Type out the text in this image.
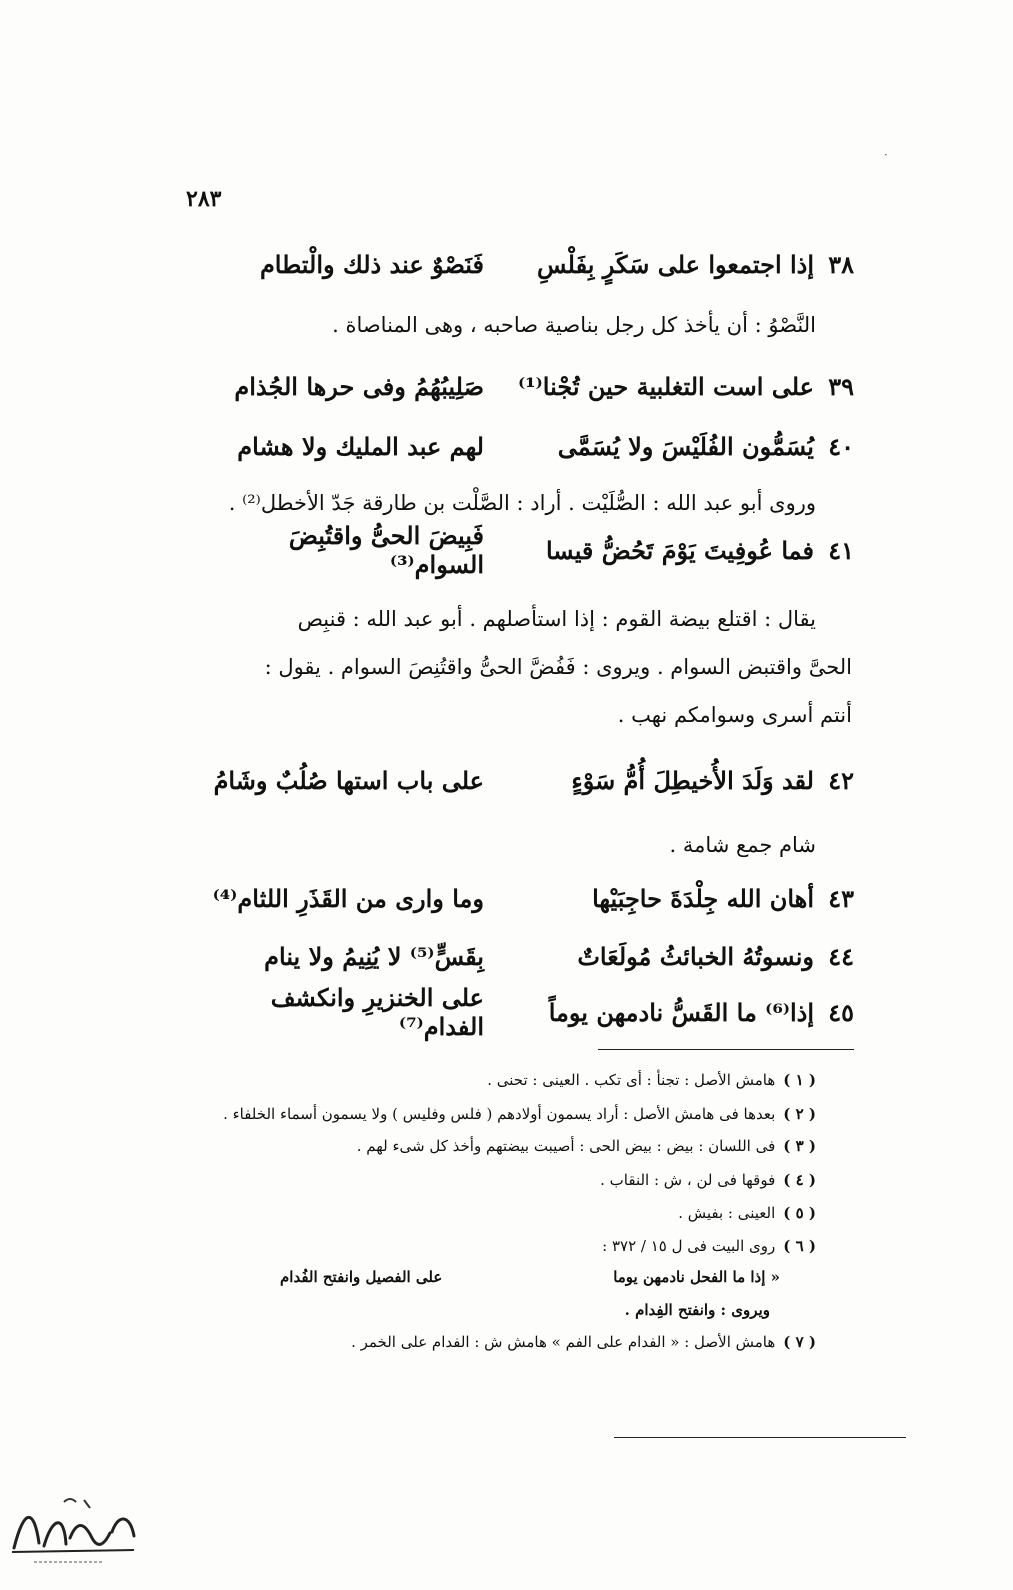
·
٢٨٣
٣٨
إذا اجتمعوا على سَكَرٍ بِفَلْسِ
فَنَصْوٌ عند ذلك والْتطام
النَّصْوُ : أن يأخذ كل رجل بناصية صاحبه ، وهى المناصاة .
٣٩
على است التغلبية حين تُجْنا⁽¹⁾
صَلِيبُهُمُ وفى حرها الجُذام
٤٠
يُسَمُّون الفُلَيْسَ ولا يُسَمَّى
لهم عبد المليك ولا هشام
وروى أبو عبد الله : الصُّلَيْت . أراد : الصَّلْت بن طارقة جَدّ الأخطل⁽²⁾ .
٤١
فما عُوفِيتَ يَوْمَ تَحُضُّ قيسا
فَبِيضَ الحىُّ واقتُبِضَ السوام⁽³⁾
يقال : اقتلع بيضة القوم : إذا استأصلهم . أبو عبد الله : قنبِص
الحىَّ واقتبض السوام . ويروى : فَفُضَّ الحىُّ واقتُنِصَ السوام . يقول :
أنتم أسرى وسوامكم نهب .
٤٢
لقد وَلَدَ الأُخيطِلَ أُمُّ سَوْءٍ
على باب استها صُلُبٌ وشَامُ
شام جمع شامة .
٤٣
أهان الله جِلْدَةَ حاجِبَيْها
وما وارى من القَذَرِ اللثام⁽⁴⁾
٤٤
ونسوتُهُ الخبائثُ مُولَعَاتٌ
بِقَسٍّ⁽⁵⁾ لا يُنِيمُ ولا ينام
٤٥
إذا⁽⁶⁾ ما القَسُّ نادمهن يوماً
على الخنزيرِ وانكشف الفدام⁽⁷⁾
( ١ )هامش الأصل : تجنأ : أى تكب . العينى : تحنى .
( ٢ )بعدها فى هامش الأصل : أراد يسمون أولادهم ( فلس وفليس ) ولا يسمون أسماء الخلفاء .
( ٣ )فى اللسان : بيض : بيض الحى : أصيبت بيضتهم وأخذ كل شىء لهم .
( ٤ )فوقها فى لن ، ش : النقاب .
( ٥ )العينى : بفيش .
( ٦ )روى البيت فى ل ١٥ / ٣٧٢ :
« إذا ما الفحل نادمهن يوما
على الفصيل وانفتح الفُدام
ويروى : وانفتح الفِدام .
( ٧ )هامش الأصل : « الفدام على الفم » هامش ش : الفدام على الخمر .
